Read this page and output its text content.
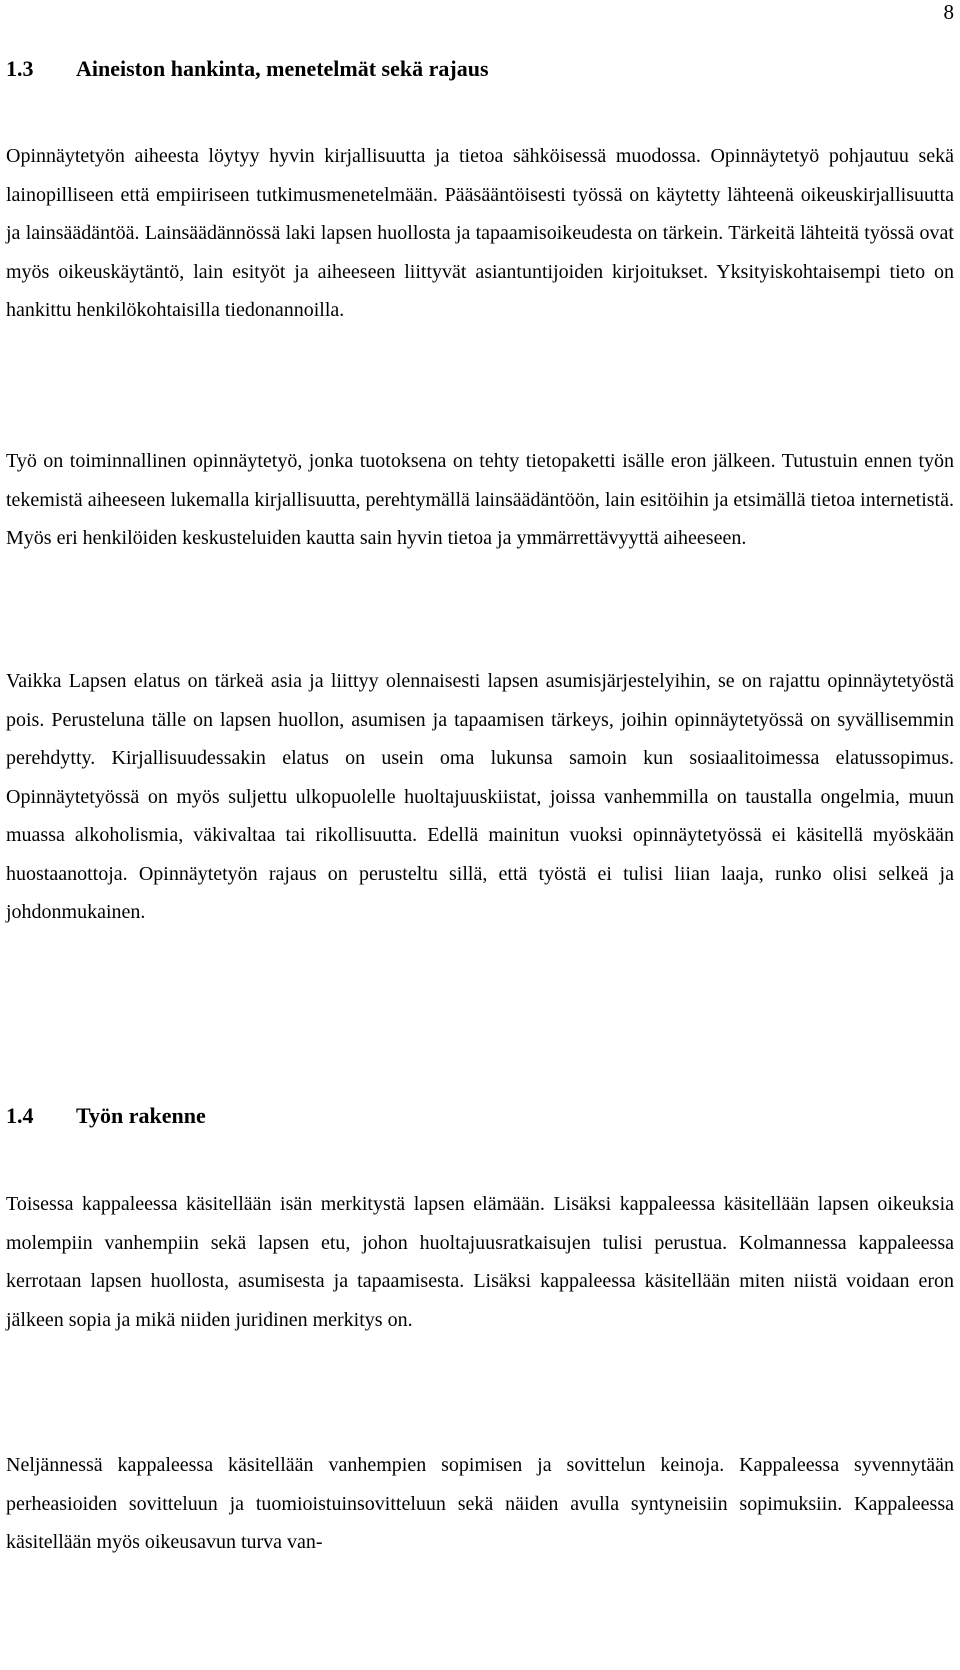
8
1.3 Aineiston hankinta, menetelmät sekä rajaus

Opinnäytetyön aiheesta löytyy hyvin kirjallisuutta ja tietoa sähköisessä muodossa. Opinnäytetyö pohjautuu sekä lainopilliseen että empiiriseen tutkimusmenetelmään. Pääsääntöisesti työssä on käytetty lähteenä oikeuskirjallisuutta ja lainsäädäntöä. Lainsäädännössä laki lapsen huollosta ja tapaamisoikeudesta on tärkein. Tärkeitä lähteitä työssä ovat myös oikeuskäytäntö, lain esityöt ja aiheeseen liittyvät asiantuntijoiden kirjoitukset. Yksityiskohtaisempi tieto on hankittu henkilökohtaisilla tiedonannoilla.

Työ on toiminnallinen opinnäytetyö, jonka tuotoksena on tehty tietopaketti isälle eron jälkeen. Tutustuin ennen työn tekemistä aiheeseen lukemalla kirjallisuutta, perehtymällä lainsäädäntöön, lain esitöihin ja etsimällä tietoa internetistä. Myös eri henkilöiden keskusteluiden kautta sain hyvin tietoa ja ymmärrettävyyttä aiheeseen.

Vaikka Lapsen elatus on tärkeä asia ja liittyy olennaisesti lapsen asumisjärjestelyihin, se on rajattu opinnäytetyöstä pois. Perusteluna tälle on lapsen huollon, asumisen ja tapaamisen tärkeys, joihin opinnäytetyössä on syvällisemmin perehdytty. Kirjallisuudessakin elatus on usein oma lukunsa samoin kun sosiaalitoimessa elatussopimus. Opinnäytetyössä on myös suljettu ulkopuolelle huoltajuuskiistat, joissa vanhemmilla on taustalla ongelmia, muun muassa alkoholismia, väkivaltaa tai rikollisuutta. Edellä mainitun vuoksi opinnäytetyössä ei käsitellä myöskään huostaanottoja. Opinnäytetyön rajaus on perusteltu sillä, että työstä ei tulisi liian laaja, runko olisi selkeä ja johdonmukainen.

1.4 Työn rakenne

Toisessa kappaleessa käsitellään isän merkitystä lapsen elämään. Lisäksi kappaleessa käsitellään lapsen oikeuksia molempiin vanhempiin sekä lapsen etu, johon huoltajuusratkaisujen tulisi perustua. Kolmannessa kappaleessa kerrotaan lapsen huollosta, asumisesta ja tapaamisesta. Lisäksi kappaleessa käsitellään miten niistä voidaan eron jälkeen sopia ja mikä niiden juridinen merkitys on.

Neljännessä kappaleessa käsitellään vanhempien sopimisen ja sovittelun keinoja. Kappaleessa syvennytään perheasioiden sovitteluun ja tuomioistuinsovitteluun sekä näiden avulla syntyneisiin sopimuksiin. Kappaleessa käsitellään myös oikeusavun turva van-
